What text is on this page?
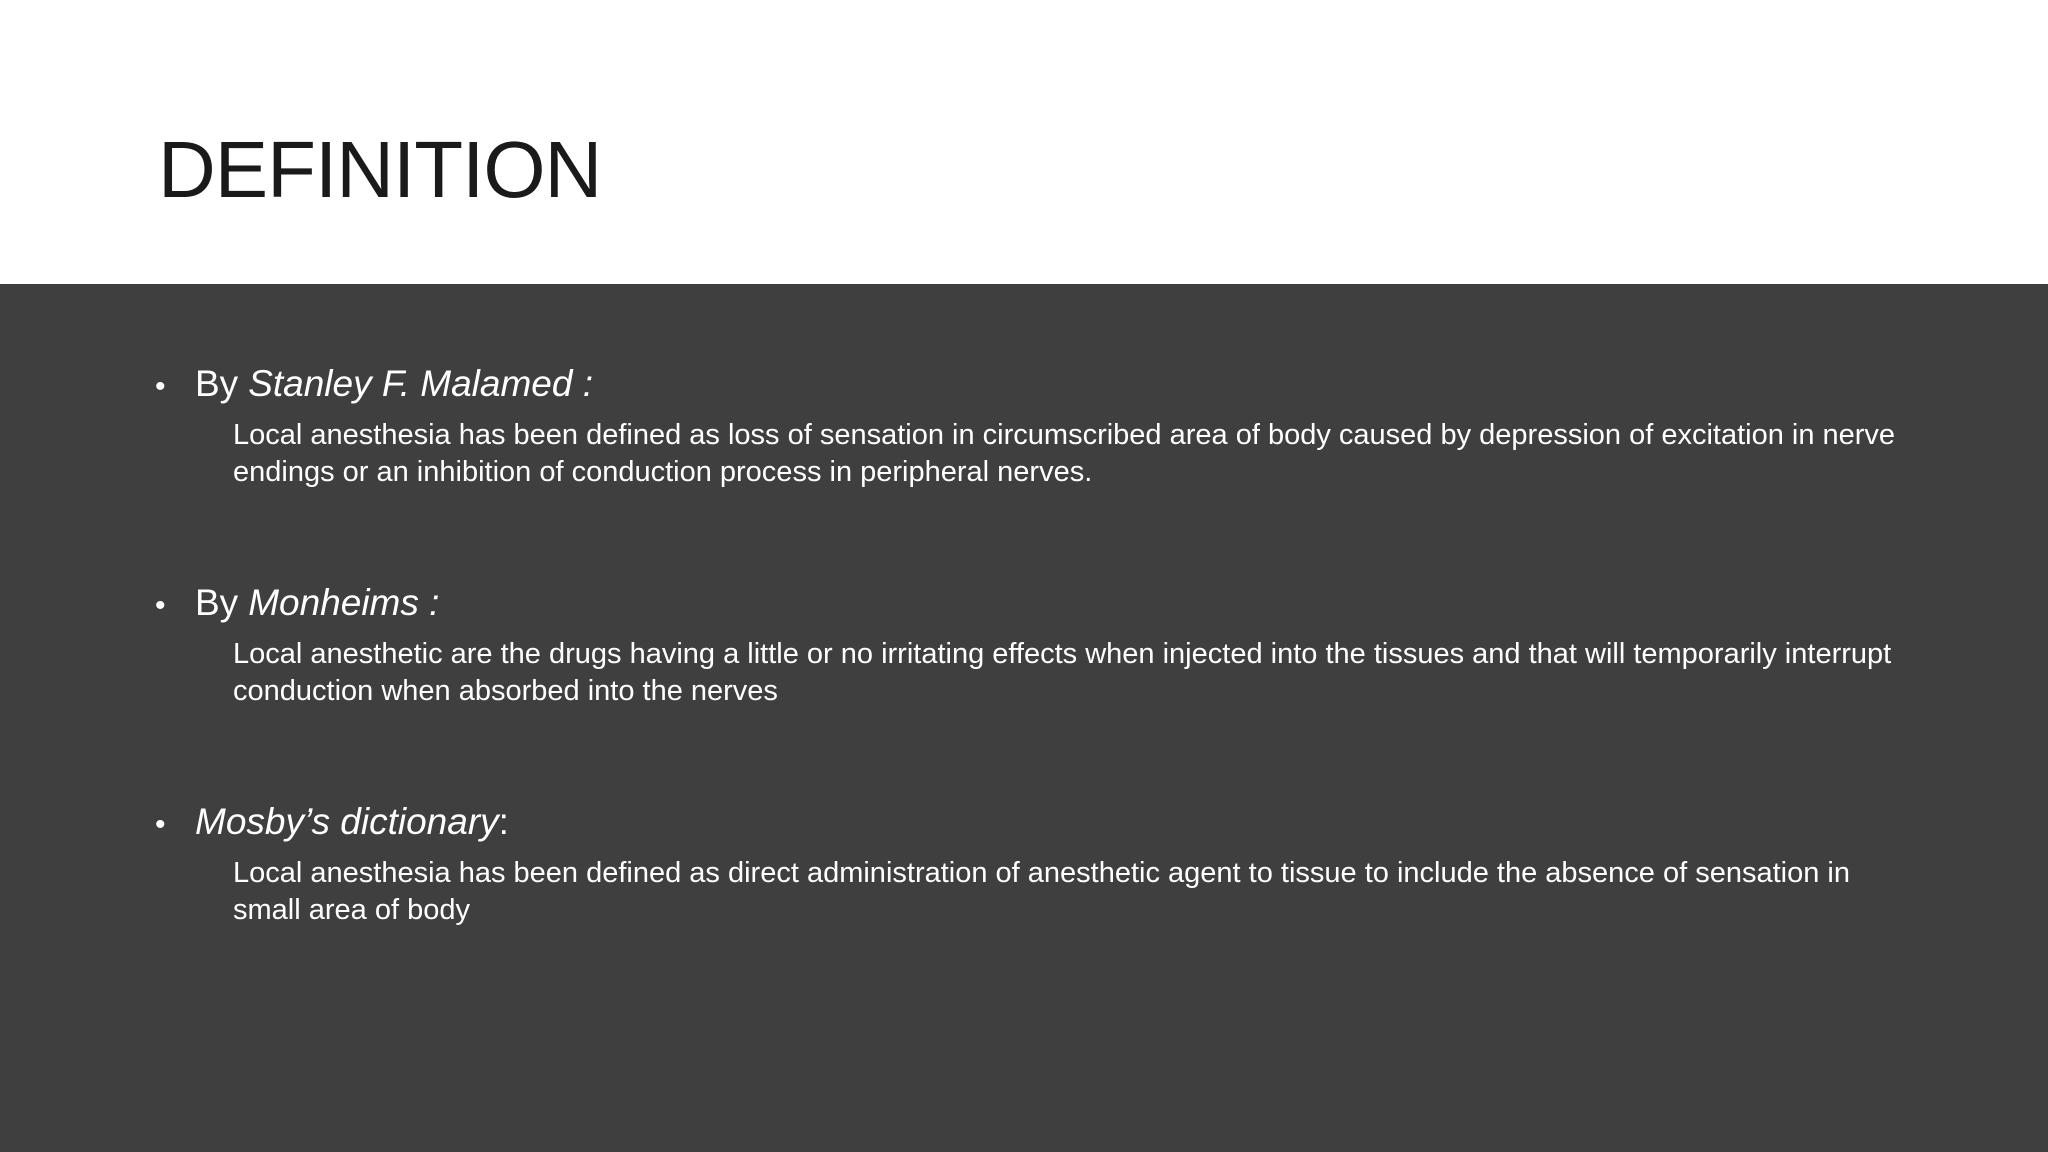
DEFINITION
• By Stanley F. Malamed :

Local anesthesia has been defined as loss of sensation in circumscribed area of body caused by depression of excitation in nerve endings or an inhibition of conduction process in peripheral nerves.

• By Monheims :

Local anesthetic are the drugs having a little or no irritating effects when injected into the tissues and that will temporarily interrupt conduction when absorbed into the nerves

• Mosby’s dictionary :

Local anesthesia has been defined as direct administration of anesthetic agent to tissue to include the absence of sensation in small area of body
